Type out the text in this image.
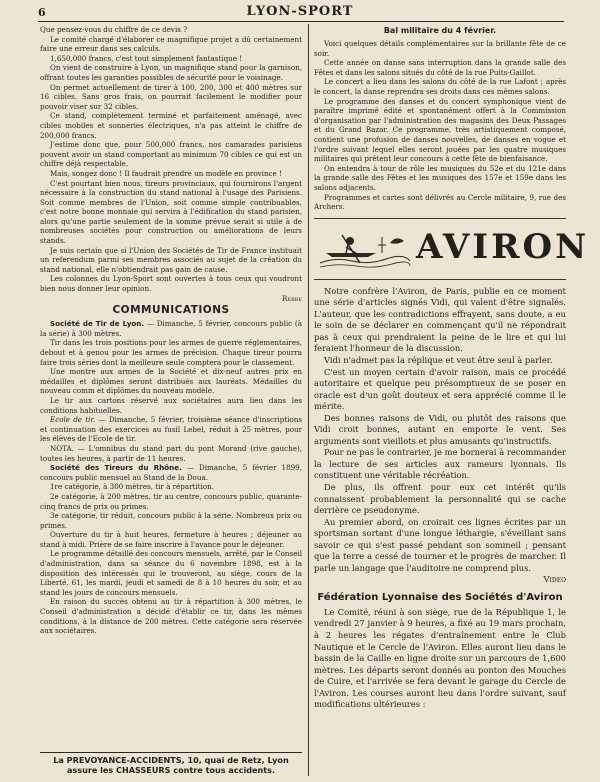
6	LYON-SPORT

Que pensez-vous du chiffre de ce devis ?

Le comité chargé d'élaborer ce magnifique projet a dû certainement faire une erreur dans ses calculs.

1,650,000 francs, c'est tout simplement fantastique !

On vient de construire à Lyon, un magnifique stand pour la garnison, offrant toutes les garanties possibles de sécurité pour le voisinage.

On permet actuellement de tirer à 100, 200, 300 et 400 mètres sur 16 cibles. Sans gros frais, on pourrait facilement le modifier pour pouvoir viser sur 32 cibles.

Ce stand, complètement terminé et parfaitement aménagé, avec cibles mobiles et sonneries électriques, n'a pas atteint le chiffre de 200,000 francs.

J'estime donc que, pour 500,000 francs, nos camarades parisiens pouvent avoir un stand comportant au minimum 70 cibles ce qui est un chiffre déjà respectable.

Mais, songez donc ! Il faudrait prendre un modèle en province !

C'est pourtant bien nous, tireurs provinciaux, qui fournirons l'argent nécessaire à la construction du stand national à l'usage des Parisiens. Soit comme membres de l'Union, soit comme simple contribuables, c'est notre bonne monnaie qui servira à l'édification du stand parisien, alors qu'une partie seulement de la somme prévue serait si utile à de nombreuses sociétés pour construction ou améliorations de leurs stands.

Je suis certain que si l'Union des Sociétés de Tir de France instituait un referendum parmi ses membres associés au sujet de la création du stand national, elle n'obtiendrait pas gain de cause.

Les colonnes du Lyon-Sport sont ouvertes à tous ceux qui voudront bien nous donner leur opinion.

Rebbe
COMMUNICATIONS

Société de Tir de Lyon. — Dimanche, 5 février, concours public (à la série) à 300 mètres.

Tir dans les trois positions pour les armes de guerre réglementaires, debout et à genou pour les armes de précision. Chaque tireur pourra faire trois séries dont la meilleure seule comptera pour le classement.

Une montre aux armes de la Société et dix-neuf autres prix en médailles et diplômes seront distribués aux lauréats. Médailles du nouveau comm et diplômes du nouveau modèle.

Le tir aux cartons réservé aux sociétaires aura lieu dans les conditions habituelles.

Ecole de tir. — Dimanche, 5 février, troisième séance d'inscriptions et continuation des exercices au fusil Lebel, réduit à 25 mètres, pour les élèves de l'Ecole de tir.

NOTA. — L'omnibus du stand part du pont Morand (rive gauche), toutes les heures, à partir de 11 heures.

Société des Tireurs du Rhône. — Dimanche, 5 février 1899, concours public mensuel au Stand de la Doua.

1re catégorie, à 300 mètres, tir à répartition.

2e catégorie, à 200 mètres, tir au centre, concours public, quarante-cinq francs de prix ou primes.

3e catégorie, tir réduit, concours public à la série. Nombreux prix ou primes.

Ouverture du tir à huit heures, fermeture à heures ; déjeuner au stand à midi. Prière de se faire inscrire à l'avance pour le déjeuner.

Le programme détaillé des concours mensuels, arrêté, par le Conseil d'administration, dans sa séance du 6 novembre 1898, est à la disposition des intéressés qui le trouveront, au siège, cours de la Liberté, 61, les mardi, jeudi et samedi de 8 à 10 heures du soir, et au stand les jours de concours mensuels.

En raison du succès obtenu au tir à répartition à 300 mètres, le Conseil d'administration a décidé d'établir ce tir, dans les mêmes conditions, à la distance de 200 mètres. Cette catégorie sera réservée aux sociétaires.

La PREVOYANCE-ACCIDENTS, 10, quai de Retz, Lyon
assure les CHASSEURS contre tous accidents.
Bal militaire du 4 février.

Voici quelques détails complémentaires sur la brillante fête de ce soir.

Cette année on danse sans interruption dans la grande salle des Fêtes et dans les salons situés du côté de la rue Puits-Gaillot.

Le concert a lieu dans les salons du côté de la rue Lafont ; après le concert, la danse reprendra ses droits dans ces mêmes salons.

Le programme des danses et du concert symphonique vient de paraître imprimé édité et spontanément offert à la Commission d'organisation par l'administration des magasins des Deux Passages et du Grand Bazar. Ce programme, très artistiquement composé, contient une profusion de danses nouvelles, de danses en vogue et l'ordre suivant lequel elles seront jouées par les quatre musiques militaires qui prêtent leur concours à cette fête de bienfaisance.

On entendra à tour de rôle les musiques du 52e et du 121e dans la grande salle des Fêtes et les musiques des 157e et 159e dans les salons adjacents.

Programmes et cartes sont délivrés au Cercle militaire, 9, rue des Archers.

AVIRON

Notre confrère l'Aviron, de Paris, publie en ce moment une série d'articles signés Vidi, qui valent d'être signalés. L'auteur, que les contradictions effrayent, sans doute, a eu le soin de se déclarer en commençant qu'il ne répondrait pas à ceux qui prendraient la peine de le lire et qui lui feraient l'honneur de la discussion.

Vidi n'admet pas la réplique et veut être seul à parler.

C'est un moyen certain d'avoir raison, mais ce procédé autoritaire et quelque peu présomptueux de se poser en oracle est d'un goût douteux et sera apprécié comme il le mérite.

Des bonnes raisons de Vidi, ou plutôt des raisons que Vidi croit bonnes, autant en emporte le vent. Ses arguments sont vieillots et plus amusants qu'instructifs.

Pour ne pas le contrarier, je me bornerai à recommander la lecture de ses articles aux rameurs lyonnais. Ils constituent une véritable récréation.

De plus, ils offrent pour eux cet intérêt qu'ils connaissent probablement la personnalité qui se cache derrière ce pseudonyme.

Au premier abord, on croirait ces lignes écrites par un sportsman sortant d'une longue léthargie, s'éveillant sans savoir ce qui s'est passé pendant son sommeil ; pensant que la terre a cessé de tourner et le progrès de marcher. Il parle un langage que l'auditoire ne comprend plus.

Video
Fédération Lyonnaise des Sociétés d'Aviron

Le Comité, réuni à son siège, rue de la République 1, le vendredi 27 janvier à 9 heures, a fixé au 19 mars prochain, à 2 heures les régates d'entraînement entre le Club Nautique et le Cercle de l'Aviron. Elles auront lieu dans le bassin de la Caille en ligne droite sur un parcours de 1,600 mètres. Les départs seront donnés au ponton des Mouches de Cuire, et l'arrivée se fera devant le garage du Cercle de l'Aviron. Les courses auront lieu dans l'ordre suivant, sauf modifications ultérieures :
